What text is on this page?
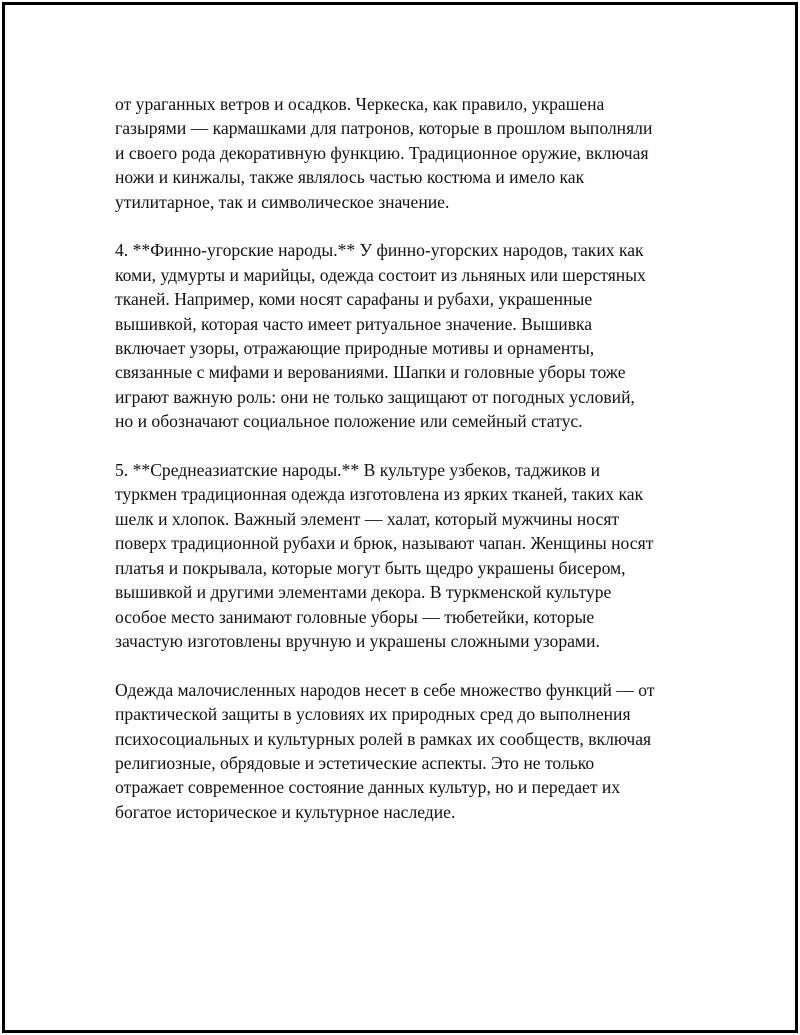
от ураганных ветров и осадков. Черкеска, как правило, украшена
газырями — кармашками для патронов, которые в прошлом выполняли
и своего рода декоративную функцию. Традиционное оружие, включая
ножи и кинжалы, также являлось частью костюма и имело как
утилитарное, так и символическое значение.

4. **Финно-угорские народы.** У финно-угорских народов, таких как
коми, удмурты и марийцы, одежда состоит из льняных или шерстяных
тканей. Например, коми носят сарафаны и рубахи, украшенные
вышивкой, которая часто имеет ритуальное значение. Вышивка
включает узоры, отражающие природные мотивы и орнаменты,
связанные с мифами и верованиями. Шапки и головные уборы тоже
играют важную роль: они не только защищают от погодных условий,
но и обозначают социальное положение или семейный статус.

5. **Среднеазиатские народы.** В культуре узбеков, таджиков и
туркмен традиционная одежда изготовлена из ярких тканей, таких как
шелк и хлопок. Важный элемент — халат, который мужчины носят
поверх традиционной рубахи и брюк, называют чапан. Женщины носят
платья и покрывала, которые могут быть щедро украшены бисером,
вышивкой и другими элементами декора. В туркменской культуре
особое место занимают головные уборы — тюбетейки, которые
зачастую изготовлены вручную и украшены сложными узорами.

Одежда малочисленных народов несет в себе множество функций — от
практической защиты в условиях их природных сред до выполнения
психосоциальных и культурных ролей в рамках их сообществ, включая
религиозные, обрядовые и эстетические аспекты. Это не только
отражает современное состояние данных культур, но и передает их
богатое историческое и культурное наследие.
